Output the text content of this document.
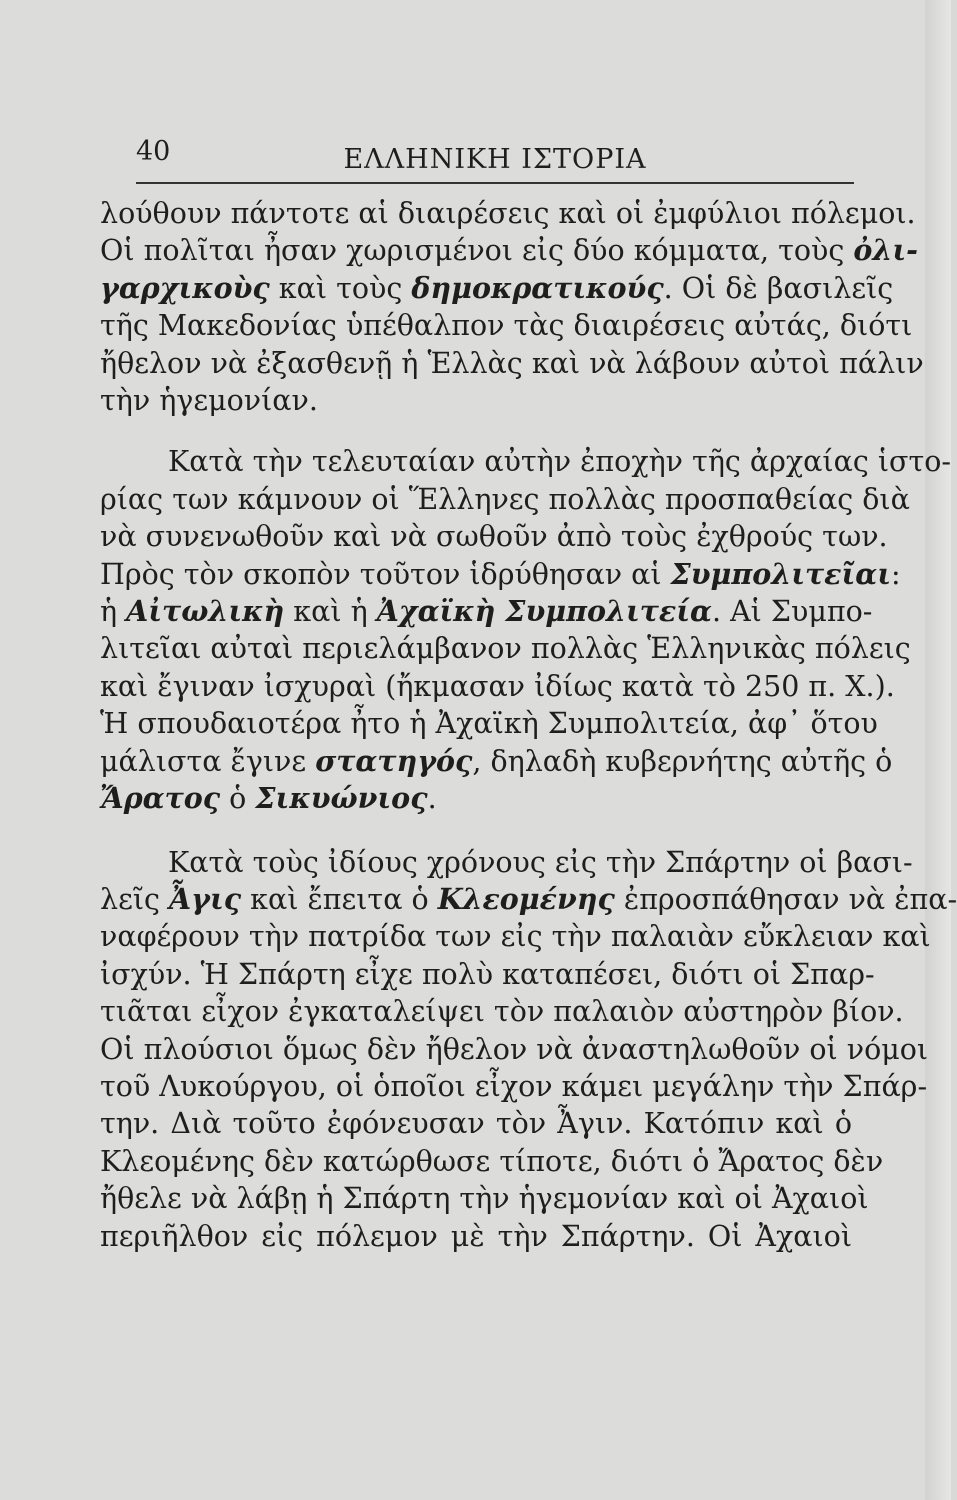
40	ΕΛΛΗΝΙΚΗ ΙΣΤΟΡΙΑ
λούθουν πάντοτε αἱ διαιρέσεις καὶ οἱ ἐμφύλιοι πόλεμοι.
Οἱ πολῖται ἦσαν χωρισμένοι εἰς δύο κόμματα, τοὺς ὀλι-
γαρχικοὺς καὶ τοὺς δημοκρατικούς. Οἱ δὲ βασιλεῖς
τῆς Μακεδονίας ὑπέθαλπον τὰς διαιρέσεις αὐτάς, διότι
ἤθελον νὰ ἐξασθενῇ ἡ Ἑλλὰς καὶ νὰ λάβουν αὐτοὶ πάλιν
τὴν ἡγεμονίαν.
Κατὰ τὴν τελευταίαν αὐτὴν ἐποχὴν τῆς ἀρχαίας ἱστο-
ρίας των κάμνουν οἱ Ἕλληνες πολλὰς προσπαθείας διὰ
νὰ συνενωθοῦν καὶ νὰ σωθοῦν ἀπὸ τοὺς ἐχθρούς των.
Πρὸς τὸν σκοπὸν τοῦτον ἱδρύθησαν αἱ Συμπολιτεῖαι:
ἡ Αἰτωλικὴ καὶ ἡ Ἀχαϊκὴ Συμπολιτεία. Αἱ Συμπο-
λιτεῖαι αὐταὶ περιελάμβανον πολλὰς Ἑλληνικὰς πόλεις
καὶ ἔγιναν ἰσχυραὶ (ἤκμασαν ἰδίως κατὰ τὸ 250 π. Χ.).
Ἡ σπουδαιοτέρα ἦτο ἡ Ἀχαϊκὴ Συμπολιτεία, ἀφ᾽ ὅτου
μάλιστα ἔγινε στατηγός, δηλαδὴ κυβερνήτης αὐτῆς ὁ
Ἄρατος ὁ Σικυώνιος.
Κατὰ τοὺς ἰδίους χρόνους εἰς τὴν Σπάρτην οἱ βασι-
λεῖς Ἆγις καὶ ἔπειτα ὁ Κλεομένης ἐπροσπάθησαν νὰ ἐπα-
ναφέρουν τὴν πατρίδα των εἰς τὴν παλαιὰν εὔκλειαν καὶ
ἰσχύν. Ἡ Σπάρτη εἶχε πολὺ καταπέσει, διότι οἱ Σπαρ-
τιᾶται εἶχον ἐγκαταλείψει τὸν παλαιὸν αὐστηρὸν βίον.
Οἱ πλούσιοι ὅμως δὲν ἤθελον νὰ ἀναστηλωθοῦν οἱ νόμοι
τοῦ Λυκούργου, οἱ ὁποῖοι εἶχον κάμει μεγάλην τὴν Σπάρ-
την. Διὰ τοῦτο ἐφόνευσαν τὸν Ἆγιν. Κατόπιν καὶ ὁ
Κλεομένης δὲν κατώρθωσε τίποτε, διότι ὁ Ἄρατος δὲν
ἤθελε νὰ λάβῃ ἡ Σπάρτη τὴν ἡγεμονίαν καὶ οἱ Ἀχαιοὶ
περιῆλθον εἰς πόλεμον μὲ τὴν Σπάρτην. Οἱ Ἀχαιοὶ
